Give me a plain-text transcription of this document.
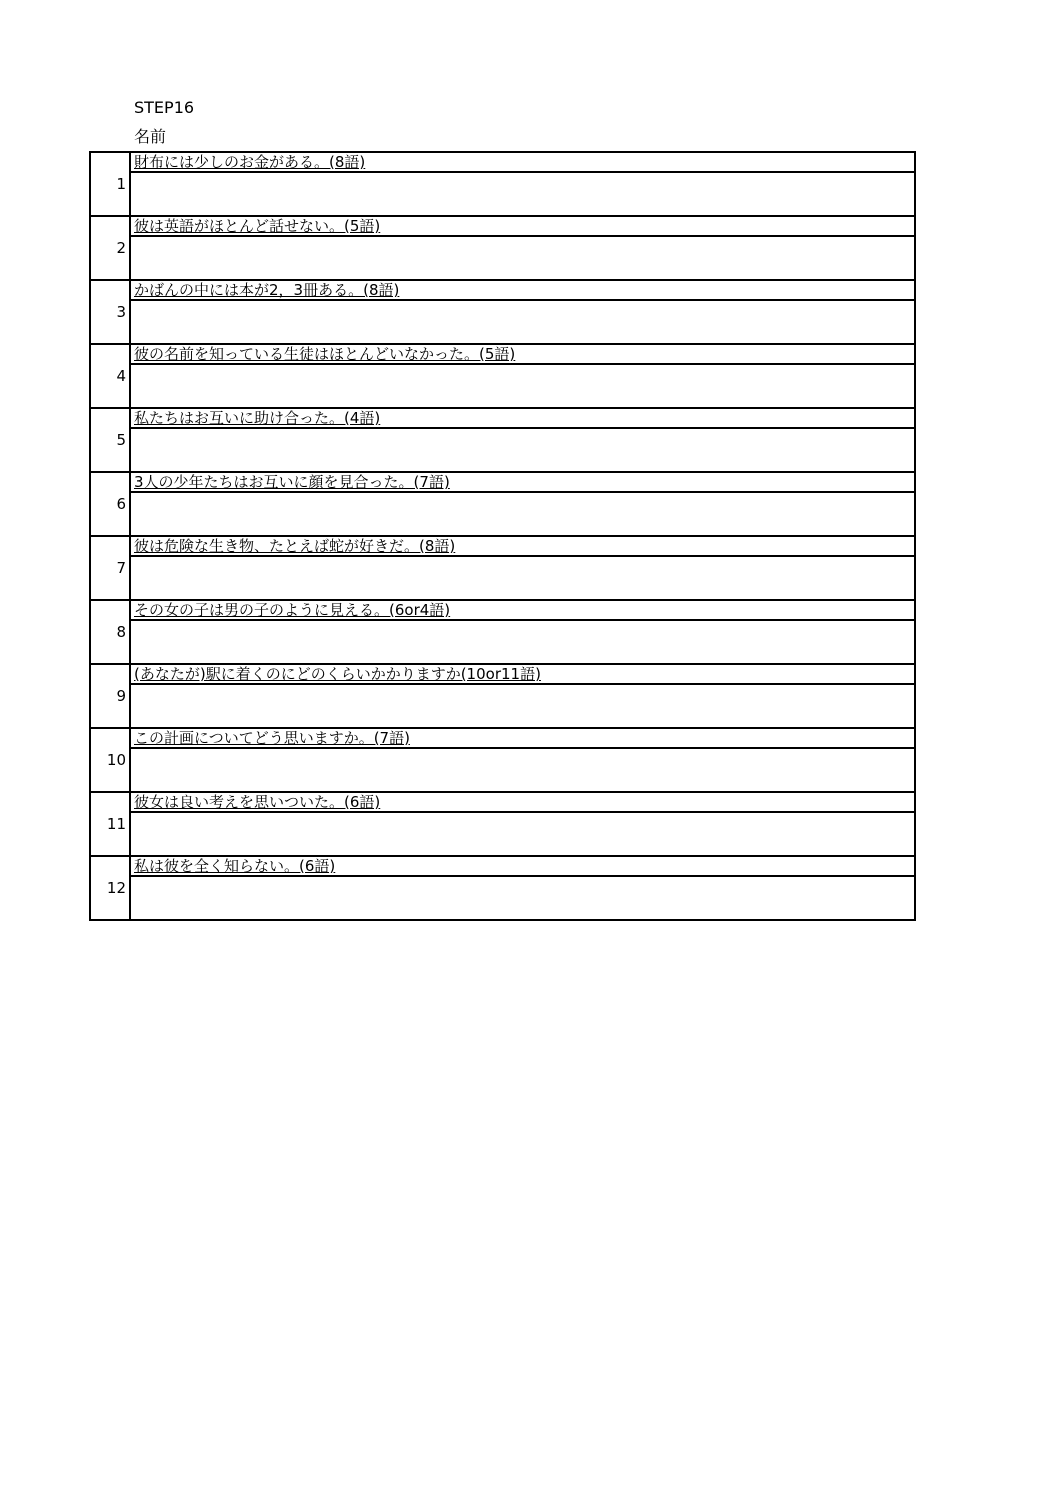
STEP16
名前
1	財布には少しのお金がある。(8語)

2	彼は英語がほとんど話せない。(5語)

3	かばんの中には本が2，3冊ある。(8語)

4	彼の名前を知っている生徒はほとんどいなかった。(5語)

5	私たちはお互いに助け合った。(4語)

6	3人の少年たちはお互いに顔を見合った。(7語)

7	彼は危険な生き物、たとえば蛇が好きだ。(8語)

8	その女の子は男の子のように見える。(6or4語)

9	(あなたが)駅に着くのにどのくらいかかりますか(10or11語)

10	この計画についてどう思いますか。(7語)

11	彼女は良い考えを思いついた。(6語)

12	私は彼を全く知らない。(6語)
